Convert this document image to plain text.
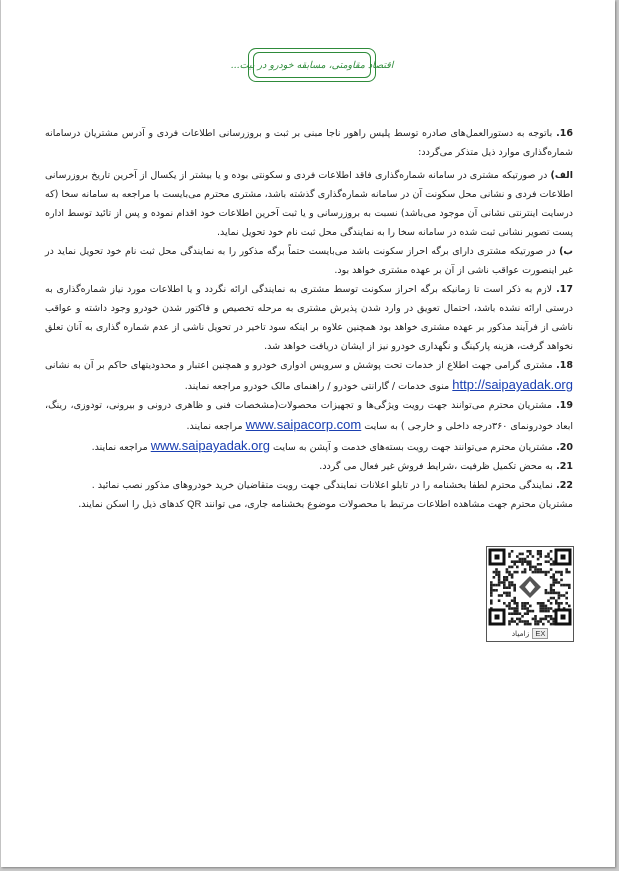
اقتصاد مقاومتی، مسابقه خودرو در بیت...

16. باتوجه به دستورالعمل‌های صادره توسط پلیس راهور ناجا مبنی بر ثبت و بروزرسانی اطلاعات فردی و آدرس مشتریان درسامانه شماره‌گذاری موارد ذیل متذکر می‌گردد:

الف) در صورتیکه مشتری در سامانه شماره‌گذاری فاقد اطلاعات فردی و سکونتی بوده و یا بیشتر از یکسال از آخرین تاریخ بروزرسانی اطلاعات فردی و نشانی محل سکونت آن در سامانه شماره‌گذاری گذشته باشد، مشتری محترم می‌بایست با مراجعه به سامانه سخا (که درسایت اینترنتی نشانی آن موجود می‌باشد) نسبت به بروزرسانی و یا ثبت آخرین اطلاعات خود اقدام نموده و پس از تائید توسط اداره پست تصویر نشانی ثبت شده در سامانه سخا را به نمایندگی محل ثبت نام خود تحویل نماید.

ب) در صورتیکه مشتری دارای برگه احراز سکونت باشد می‌بایست حتماً برگه مذکور را به نمایندگی محل ثبت نام خود تحویل نماید در غیر اینصورت عواقب ناشی از آن بر عهده مشتری خواهد بود.

17. لازم به ذکر است تا زمانیکه برگه احراز سکونت توسط مشتری به نمایندگی ارائه نگردد و یا اطلاعات مورد نیاز شماره‌گذاری به درستی ارائه نشده باشد، احتمال تعویق در وارد شدن پذیرش مشتری به مرحله تخصیص و فاکتور شدن خودرو وجود داشته و عواقب ناشی از فرآیند مذکور بر عهده مشتری خواهد بود همچنین علاوه بر اینکه سود تاخیر در تحویل ناشی از عدم شماره گذاری به آنان تعلق نخواهد گرفت، هزینه پارکینگ و نگهداری خودرو نیز از ایشان دریافت خواهد شد.

18. مشتری گرامی جهت اطلاع از خدمات تحت پوشش و سرویس ادواری خودرو و همچنین اعتبار و محدودیتهای حاکم بر آن به نشانی http://saipayadak.org منوی خدمات / گارانتی خودرو / راهنمای مالک خودرو مراجعه نمایند.

19. مشتریان محترم می‌توانند جهت رویت ویژگی‌ها و تجهیزات محصولات(مشخصات فنی و ظاهری درونی و بیرونی، تودوزی، رینگ، ابعاد خودرونمای ۳۶۰درجه داخلی و خارجی ) به سایت www.saipacorp.com مراجعه نمایند.

20. مشتریان محترم می‌توانند جهت رویت بسته‌های خدمت و آپشن به سایت www.saipayadak.org مراجعه نمایند.

21. به محض تکمیل ظرفیت ،شرایط فروش غیر فعال می گردد.

22. نمایندگی محترم لطفا بخشنامه را در تابلو اعلانات نمایندگی جهت رویت متقاضیان خرید خودروهای مذکور نصب نمائید .

مشتریان محترم جهت مشاهده اطلاعات مرتبط با محصولات موضوع بخشنامه جاری، می توانند QR کدهای ذیل را اسکن نمایند.

EX
زامیاد
